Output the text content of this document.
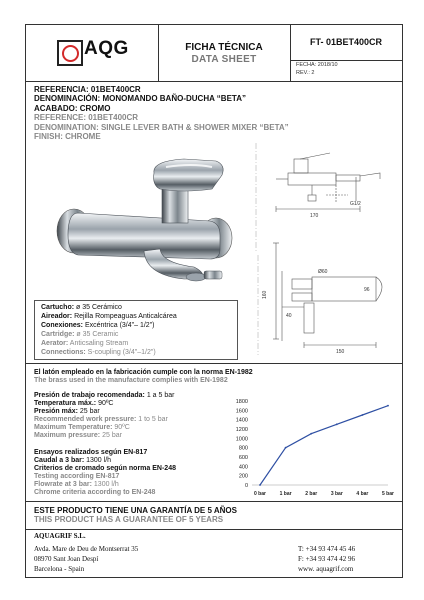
AQG	FICHA TÉCNICA
DATA SHEET
FT- 01BET400CR
FECHA: 2018/10
REV.: 2
REFERENCIA: 01BET400CR
DENOMINACIÓN: MONOMANDO BAÑO-DUCHA “BETA”
ACABADO: CROMO
REFERENCE: 01BET400CR
DENOMINATION: SINGLE LEVER BATH & SHOWER MIXER “BETA”
FINISH: CHROME
170
G1/2
Ø60
160
96
40
150
Cartucho: ø 35 Cerámico
Aireador: Rejilla Rompeaguas Anticalcárea
Conexiones: Excéntrica (3/4"– 1/2")
Cartridge: ø 35 Ceramic
Aerator: Anticsaling Stream
Connections: S-coupling (3/4"–1/2")
El latón empleado en la fabricación cumple con la norma EN-1982
The brass used in the manufacture complies with EN-1982
Presión de trabajo recomendada: 1 a 5 bar
Temperatura máx.: 90ºC
Presión máx: 25 bar
Recommended work pressure: 1 to 5 bar
Maximum Temperature: 90ºC
Maximum pressure: 25 bar
Ensayos realizados según EN-817
Caudal a 3 bar: 1300 l/h
Criterios de cromado según norma EN-248
Testing according EN-817
Flowrate at 3 bar: 1300 l/h
Chrome criteria according to EN-248
0
200
400
600
800
1000
1200
1400
1600
1800
0 bar	1 bar	2 bar	3 bar	4 bar	5 bar
ESTE PRODUCTO TIENE UNA GARANTÍA DE 5 AÑOS
THIS PRODUCT HAS A GUARANTEE OF 5 YEARS
AQUAGRIF S.L.
Avda. Mare de Deu de Montserrat 35
08970 Sant Joan Despí
Barcelona - Spain
T: +34 93 474 45 46
F: +34 93 474 42 96
www. aquagrif.com
